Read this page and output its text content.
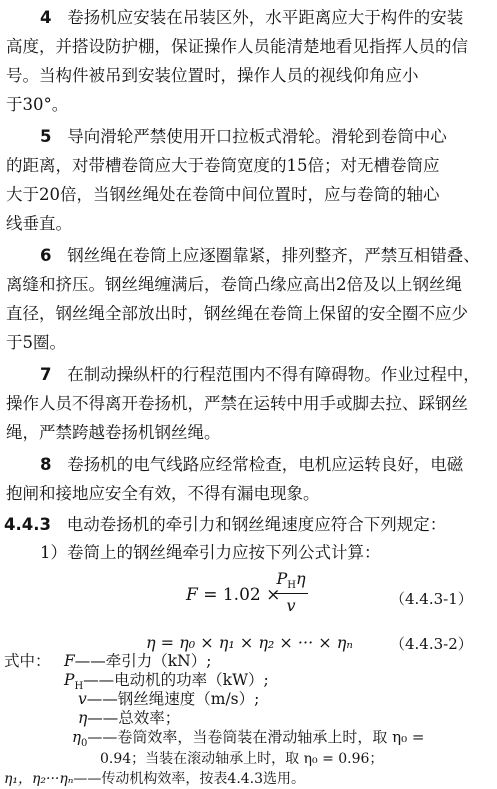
4 卷扬机应安装在吊装区外，水平距离应大于构件的安装
高度，并搭设防护棚，保证操作人员能清楚地看见指挥人员的信
号。当构件被吊到安装位置时，操作人员的视线仰角应小
于30°。
5 导向滑轮严禁使用开口拉板式滑轮。滑轮到卷筒中心
的距离，对带槽卷筒应大于卷筒宽度的15倍；对无槽卷筒应
大于20倍，当钢丝绳处在卷筒中间位置时，应与卷筒的轴心
线垂直。
6 钢丝绳在卷筒上应逐圈靠紧，排列整齐，严禁互相错叠、
离缝和挤压。钢丝绳缠满后，卷筒凸缘应高出2倍及以上钢丝绳
直径，钢丝绳全部放出时，钢丝绳在卷筒上保留的安全圈不应少
于5圈。
7 在制动操纵杆的行程范围内不得有障碍物。作业过程中，
操作人员不得离开卷扬机，严禁在运转中用手或脚去拉、踩钢丝
绳，严禁跨越卷扬机钢丝绳。
8 卷扬机的电气线路应经常检查，电机应运转良好，电磁
抱闸和接地应安全有效，不得有漏电现象。
4.4.3 电动卷扬机的牵引力和钢丝绳速度应符合下列规定：
1）卷筒上的钢丝绳牵引力应按下列公式计算：
F = 1.02 ×
$P_H\eta$
v	（4.4.3-1）
η = η₀ × η₁ × η₂ × ··· × ηₙ （4.4.3-2）
式中： F——牵引力（kN）;
$P_H——$电动机的功率（kW）;
v——钢丝绳速度（m/s）;
η——总效率；
$\eta_0——$卷筒效率，当卷筒装在滑动轴承上时，取 η₀ =
0.94；当装在滚动轴承上时，取 η₀ = 0.96；
η₁，η₂···ηₙ——传动机构效率，按表4.4.3选用。
